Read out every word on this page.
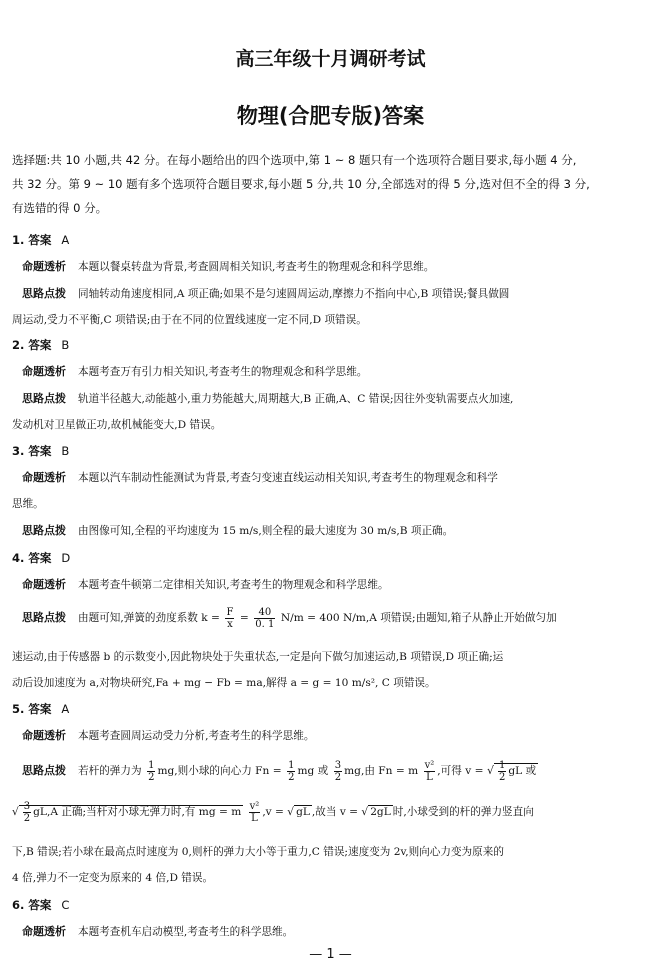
高三年级十月调研考试
物理(合肥专版)答案
选择题:共 10 小题,共 42 分。在每小题给出的四个选项中,第 1 ~ 8 题只有一个选项符合题目要求,每小题 4 分,
共 32 分。第 9 ~ 10 题有多个选项符合题目要求,每小题 5 分,共 10 分,全部选对的得 5 分,选对但不全的得 3 分,
有选错的得 0 分。
1. 答案 A
命题透析 本题以餐桌转盘为背景,考查圆周相关知识,考查考生的物理观念和科学思维。
思路点拨 同轴转动角速度相同,A 项正确;如果不是匀速圆周运动,摩擦力不指向中心,B 项错误;餐具做圆
周运动,受力不平衡,C 项错误;由于在不同的位置线速度一定不同,D 项错误。
2. 答案 B
命题透析 本题考查万有引力相关知识,考查考生的物理观念和科学思维。
思路点拨 轨道半径越大,动能越小,重力势能越大,周期越大,B 正确,A、C 错误;因往外变轨需要点火加速,
发动机对卫星做正功,故机械能变大,D 错误。
3. 答案 B
命题透析 本题以汽车制动性能测试为背景,考查匀变速直线运动相关知识,考查考生的物理观念和科学
思维。
思路点拨 由图像可知,全程的平均速度为 15 m/s,则全程的最大速度为 30 m/s,B 项正确。
4. 答案 D
命题透析 本题考查牛顿第二定律相关知识,考查考生的物理观念和科学思维。
思路点拨 由题可知,弹簧的劲度系数 $k = \frac{F}{x} = \frac{40}{0. 1} N/m = 400$ N/m,A 项错误;由题知,箱子从静止开始做匀加
速运动,由于传感器 b 的示数变小,因此物块处于失重状态,一定是向下做匀加速运动,B 项错误,D 项正确;运
动后设加速度为 a,对物块研究,Fa + mg − Fb = ma,解得 a = g = 10 m/s², C 项错误。
5. 答案 A
命题透析 本题考查圆周运动受力分析,考查考生的科学思维。
思路点拨 若杆的弹力为 $\frac{1}{2}$ mg,则小球的向心力 $Fn = \frac{1}{2}$ mg 或 $\frac{3}{2}$ mg,由 Fn = m $\frac{\text{v²}}{L}$ ,可得 v = √ $\frac{1}{2}$ gL 或
√ $\frac{3}{2} gL,A$ 正确;当杆对小球无弹力时,有 mg = m $\frac{\text{v²}}{L} ,v$ = √ gL ,故当 v = √ 2gL 时,小球受到的杆的弹力竖直向
下,B 错误;若小球在最高点时速度为 0,则杆的弹力大小等于重力,C 错误;速度变为 2v,则向心力变为原来的
4 倍,弹力不一定变为原来的 4 倍,D 错误。
6. 答案 C
命题透析 本题考查机车启动模型,考查考生的科学思维。
— 1 —
